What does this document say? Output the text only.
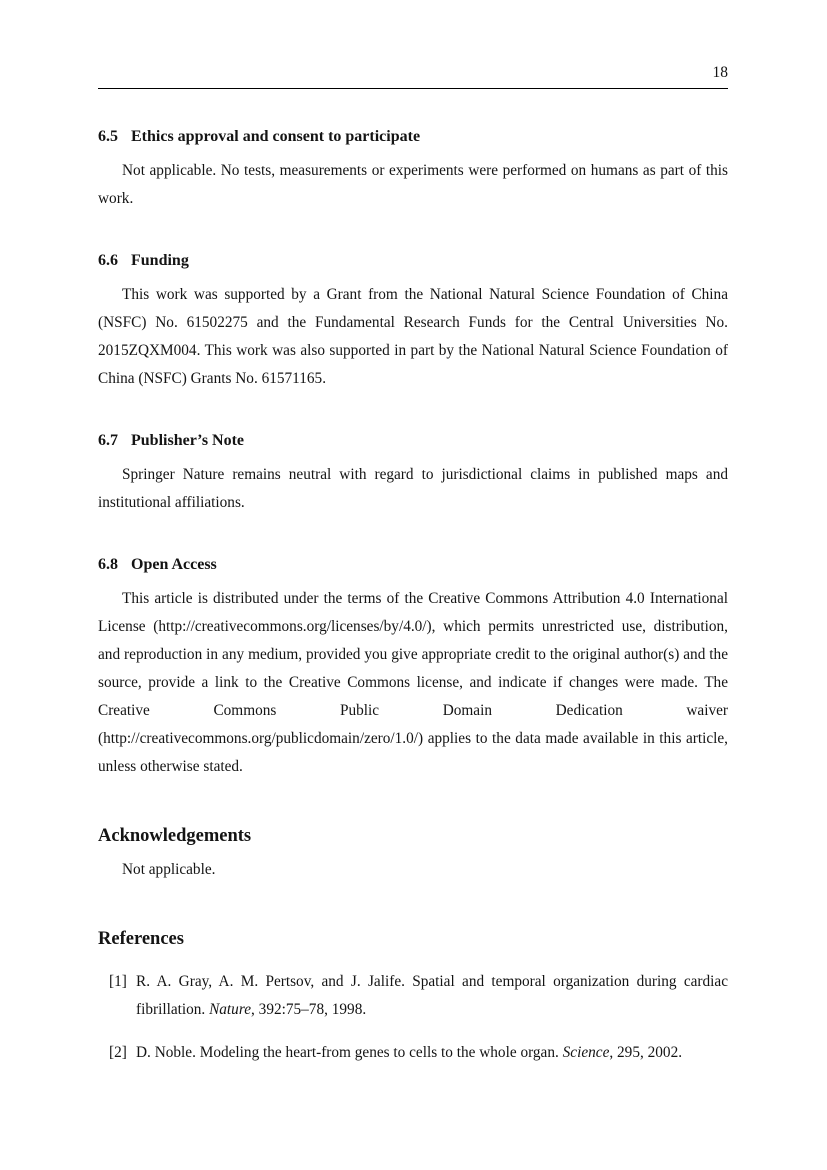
18
6.5 Ethics approval and consent to participate

Not applicable. No tests, measurements or experiments were performed on humans as part of this work.

6.6 Funding

This work was supported by a Grant from the National Natural Science Foundation of China (NSFC) No. 61502275 and the Fundamental Research Funds for the Central Universities No. 2015ZQXM004. This work was also supported in part by the National Natural Science Foundation of China (NSFC) Grants No. 61571165.

6.7 Publisher’s Note

Springer Nature remains neutral with regard to jurisdictional claims in published maps and institutional affiliations.

6.8 Open Access

This article is distributed under the terms of the Creative Commons Attribution 4.0 International License (http://creativecommons.org/licenses/by/4.0/), which permits unrestricted use, distribution, and reproduction in any medium, provided you give appropriate credit to the original author(s) and the source, provide a link to the Creative Commons license, and indicate if changes were made. The Creative Commons Public Domain Dedication waiver (http://creativecommons.org/publicdomain/zero/1.0/) applies to the data made available in this article, unless otherwise stated.

Acknowledgements

Not applicable.

References
[1] R. A. Gray, A. M. Pertsov, and J. Jalife. Spatial and temporal organization during cardiac fibrillation. Nature, 392:75–78, 1998.
[2] D. Noble. Modeling the heart-from genes to cells to the whole organ. Science, 295, 2002.
